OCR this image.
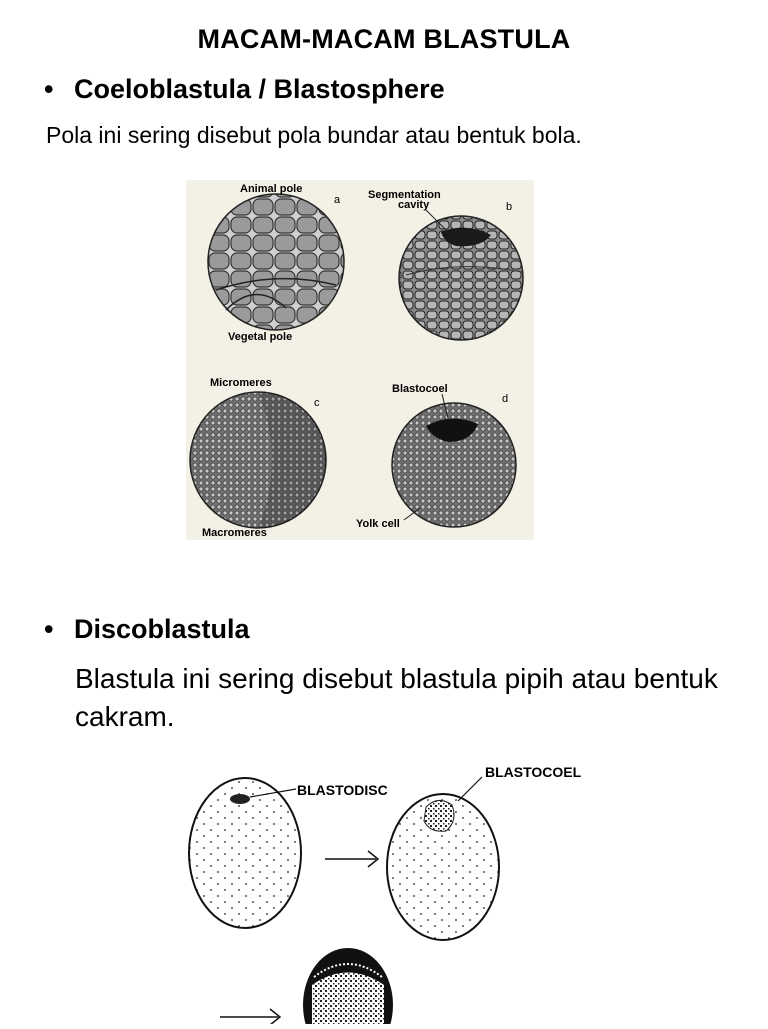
MACAM-MACAM BLASTULA
• Coeloblastula / Blastosphere
Pola ini sering disebut pola bundar atau bentuk bola.
Animal pole
a
Vegetal pole
Segmentation
cavity	b
Micromeres
c
Macromeres
Blastocoel
d
Yolk cell
• Discoblastula
Blastula ini sering disebut blastula pipih atau bentuk cakram.
BLASTODISC
BLASTOCOEL
